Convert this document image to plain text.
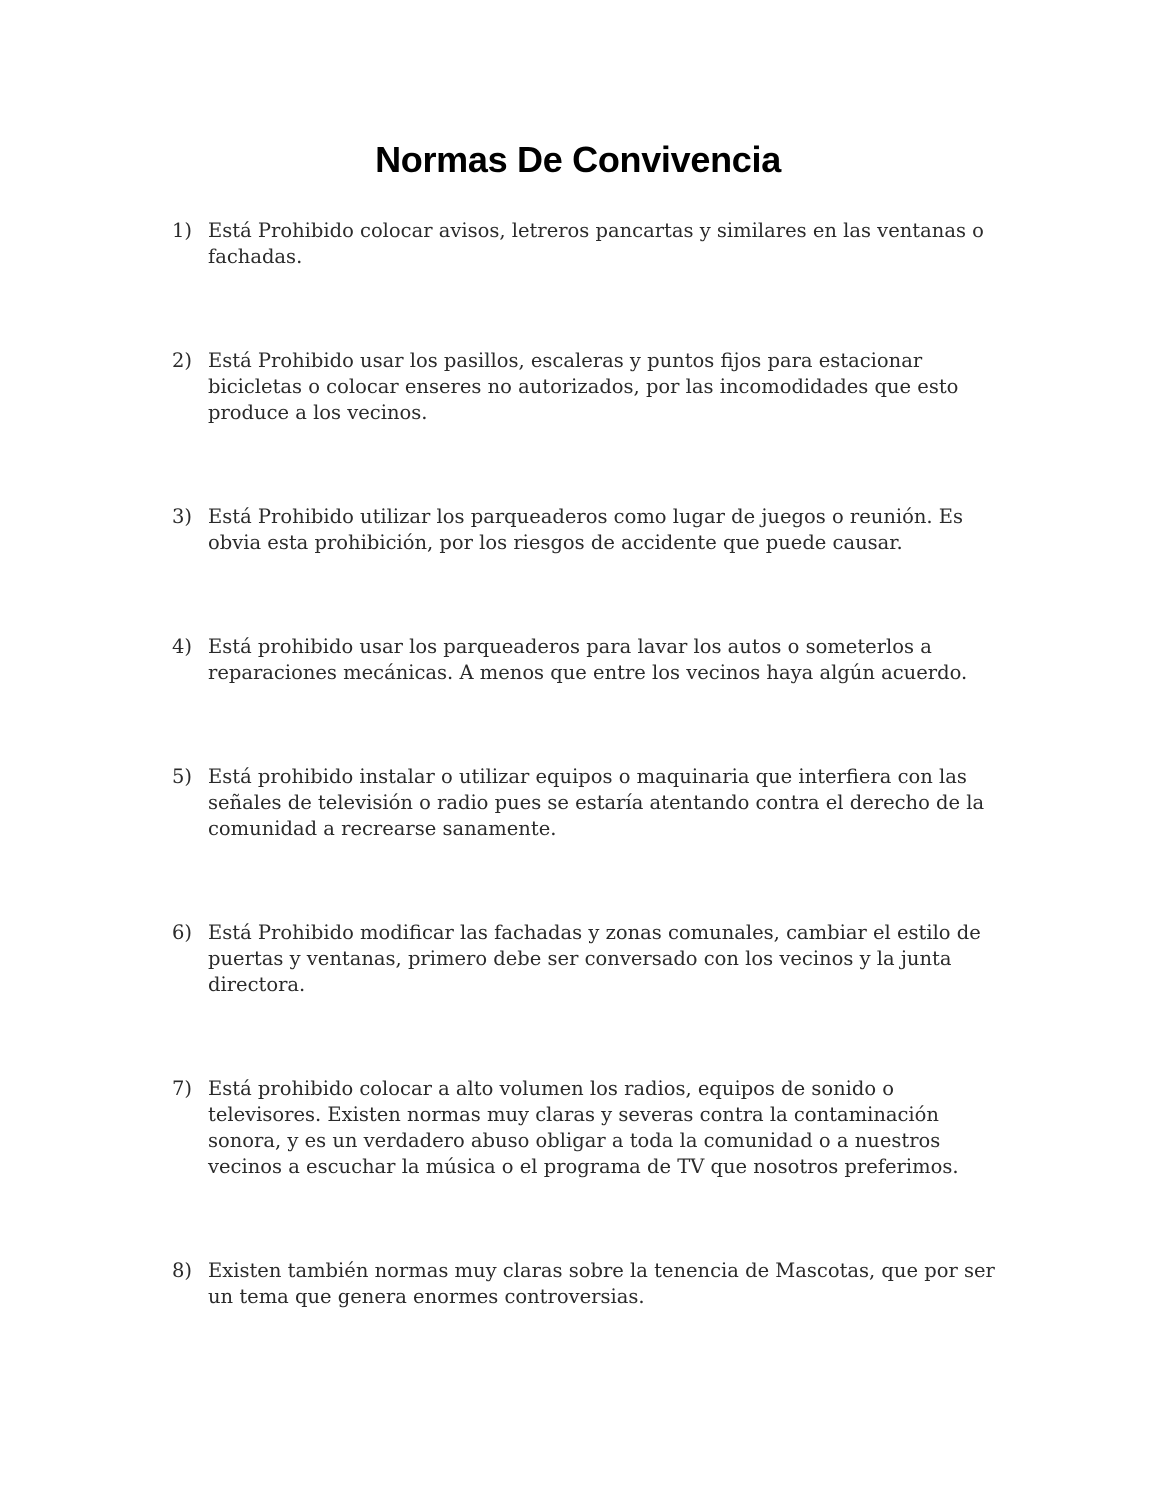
Normas De Convivencia
1) Está Prohibido colocar avisos, letreros pancartas y similares en las ventanas o fachadas.
2) Está Prohibido usar los pasillos, escaleras y puntos fijos para estacionar bicicletas o colocar enseres no autorizados, por las incomodidades que esto produce a los vecinos.
3) Está Prohibido utilizar los parqueaderos como lugar de juegos o reunión. Es obvia esta prohibición, por los riesgos de accidente que puede causar.
4) Está prohibido usar los parqueaderos para lavar los autos o someterlos a reparaciones mecánicas. A menos que entre los vecinos haya algún acuerdo.
5) Está prohibido instalar o utilizar equipos o maquinaria que interfiera con las señales de televisión o radio pues se estaría atentando contra el derecho de la comunidad a recrearse sanamente.
6) Está Prohibido modificar las fachadas y zonas comunales, cambiar el estilo de puertas y ventanas, primero debe ser conversado con los vecinos y la junta directora.
7) Está prohibido colocar a alto volumen los radios, equipos de sonido o televisores. Existen normas muy claras y severas contra la contaminación sonora, y es un verdadero abuso obligar a toda la comunidad o a nuestros vecinos a escuchar la música o el programa de TV que nosotros preferimos.
8) Existen también normas muy claras sobre la tenencia de Mascotas, que por ser un tema que genera enormes controversias.
